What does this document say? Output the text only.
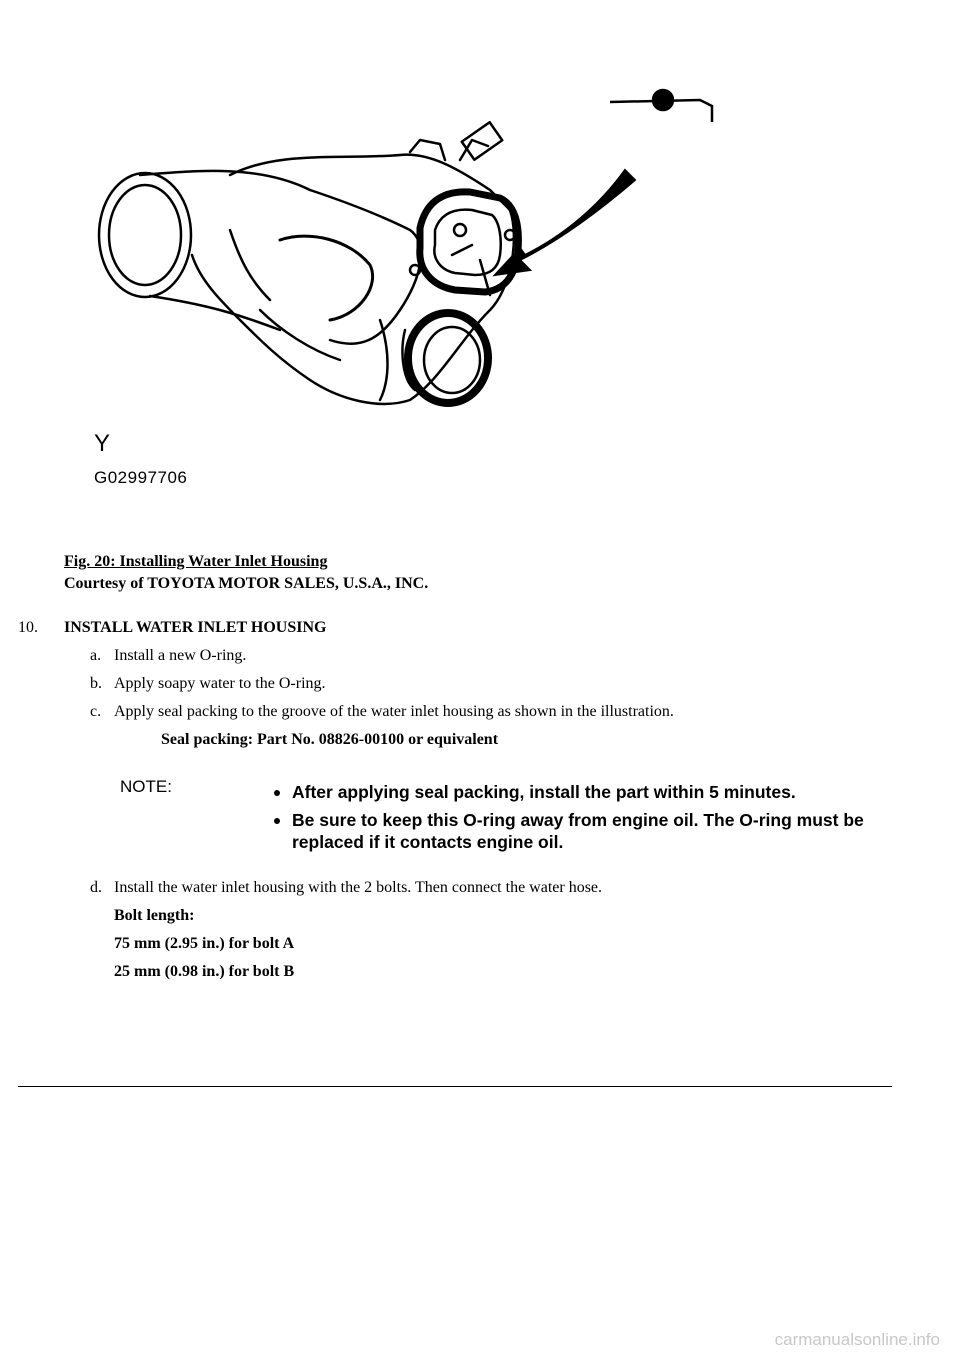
Y
G02997706
Fig. 20: Installing Water Inlet Housing
Courtesy of TOYOTA MOTOR SALES, U.S.A., INC.
10. INSTALL WATER INLET HOUSING
a. Install a new O-ring.
b. Apply soapy water to the O-ring.
c. Apply seal packing to the groove of the water inlet housing as shown in the illustration.
Seal packing: Part No. 08826-00100 or equivalent
NOTE:	After applying seal packing, install the part within 5 minutes.
Be sure to keep this O-ring away from engine oil. The O-ring must be replaced if it contacts engine oil.
d. Install the water inlet housing with the 2 bolts. Then connect the water hose.
Bolt length:
75 mm (2.95 in.) for bolt A
25 mm (0.98 in.) for bolt B
carmanualsonline.info
